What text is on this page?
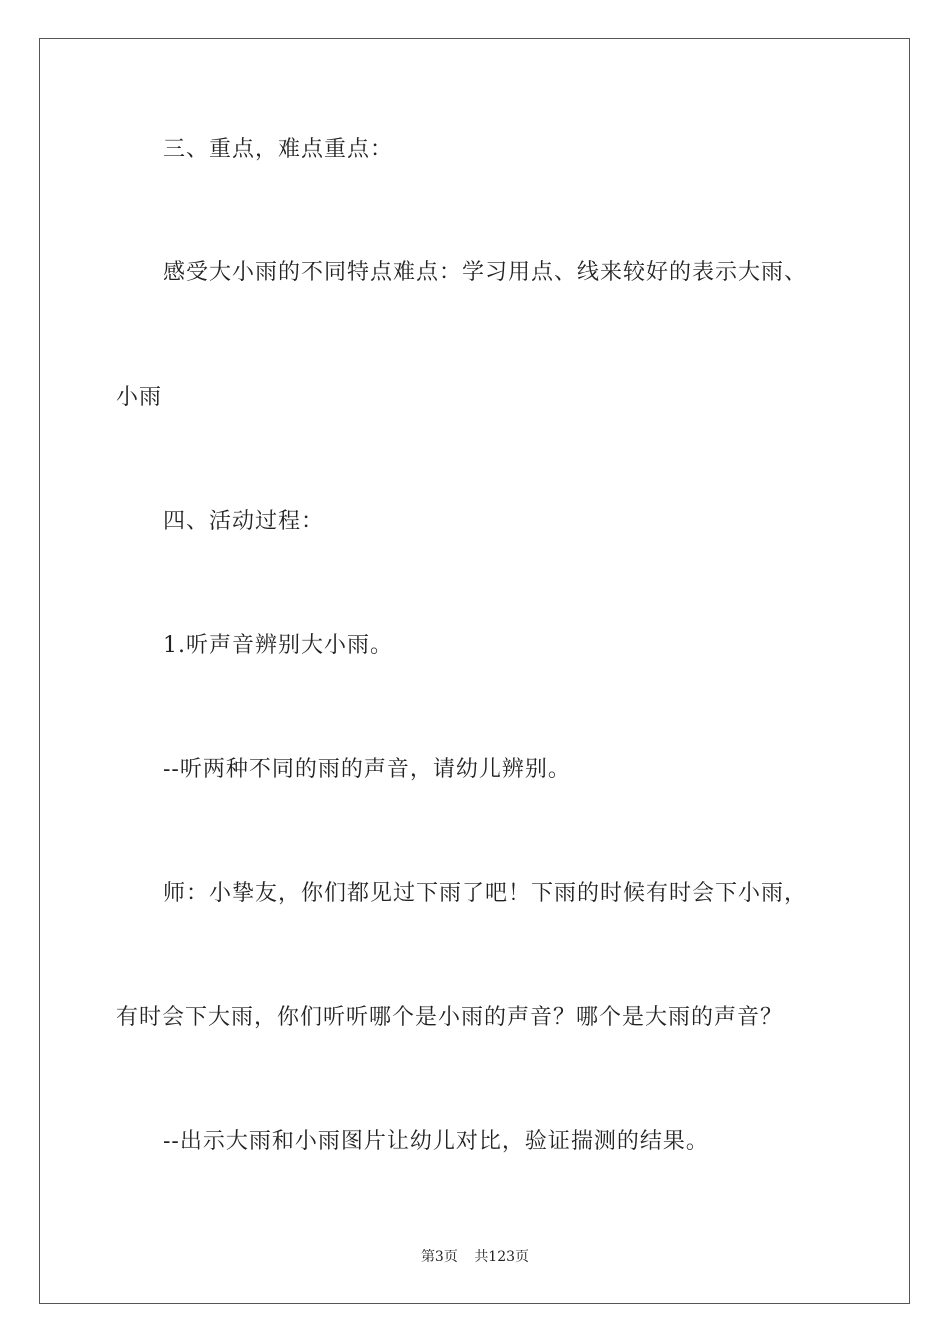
三、重点，难点重点：
感受大小雨的不同特点难点：学习用点、线来较好的表示大雨、
小雨
四、活动过程：
1.听声音辨别大小雨。
--听两种不同的雨的声音，请幼儿辨别。
师：小挚友，你们都见过下雨了吧！下雨的时候有时会下小雨，
有时会下大雨，你们听听哪个是小雨的声音？哪个是大雨的声音？
--出示大雨和小雨图片让幼儿对比，验证揣测的结果。
第3页 共123页
